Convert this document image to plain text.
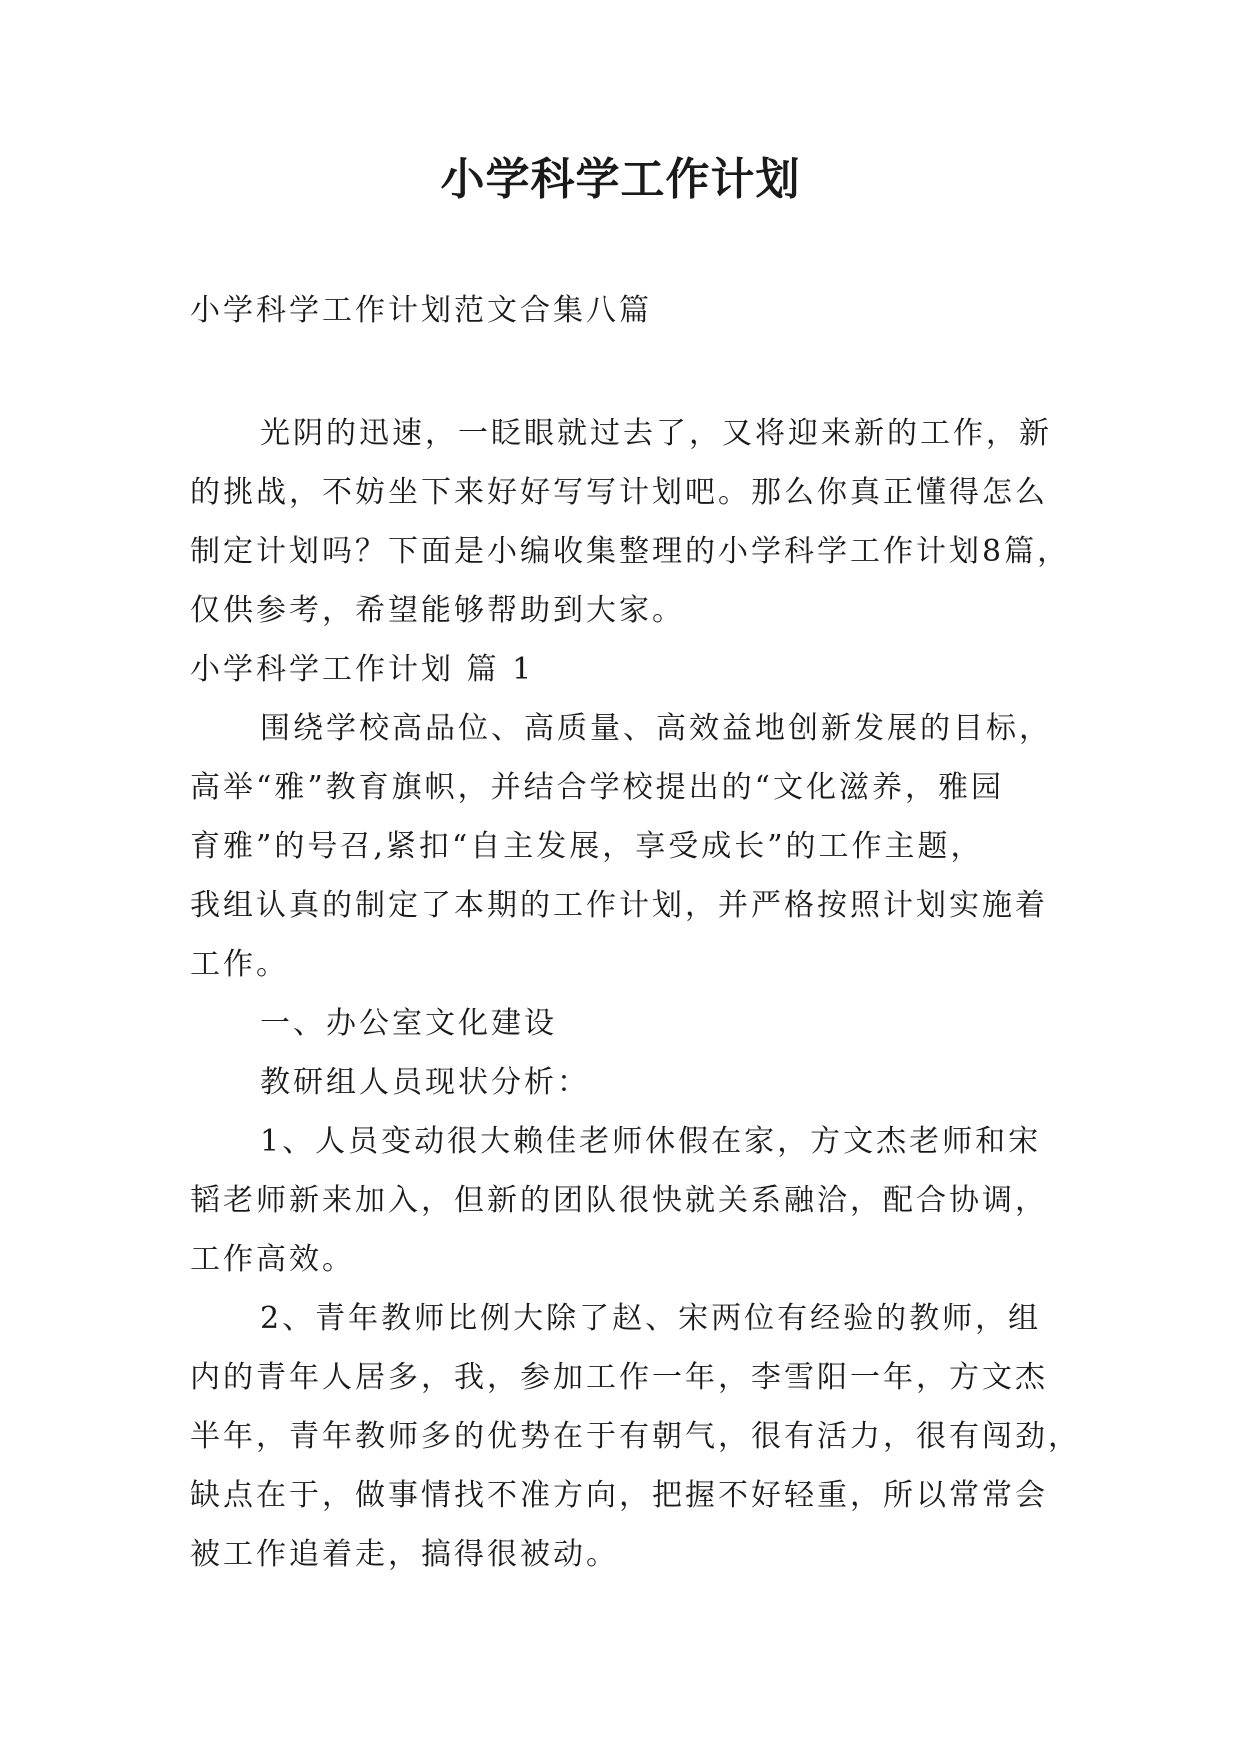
小学科学工作计划

小学科学工作计划范文合集八篇

光阴的迅速，一眨眼就过去了，又将迎来新的工作，新
的挑战，不妨坐下来好好写写计划吧。那么你真正懂得怎么
制定计划吗？下面是小编收集整理的小学科学工作计划8篇，
仅供参考，希望能够帮助到大家。
小学科学工作计划 篇 1
围绕学校高品位、高质量、高效益地创新发展的目标，
高举“雅”教育旗帜，并结合学校提出的“文化滋养，雅园
育雅”的号召,紧扣“自主发展，享受成长”的工作主题，
我组认真的制定了本期的工作计划，并严格按照计划实施着
工作。
一、办公室文化建设
教研组人员现状分析：
1、人员变动很大赖佳老师休假在家，方文杰老师和宋
韬老师新来加入，但新的团队很快就关系融洽，配合协调，
工作高效。
2、青年教师比例大除了赵、宋两位有经验的教师，组
内的青年人居多，我，参加工作一年，李雪阳一年，方文杰
半年，青年教师多的优势在于有朝气，很有活力，很有闯劲，
缺点在于，做事情找不准方向，把握不好轻重，所以常常会
被工作追着走，搞得很被动。
